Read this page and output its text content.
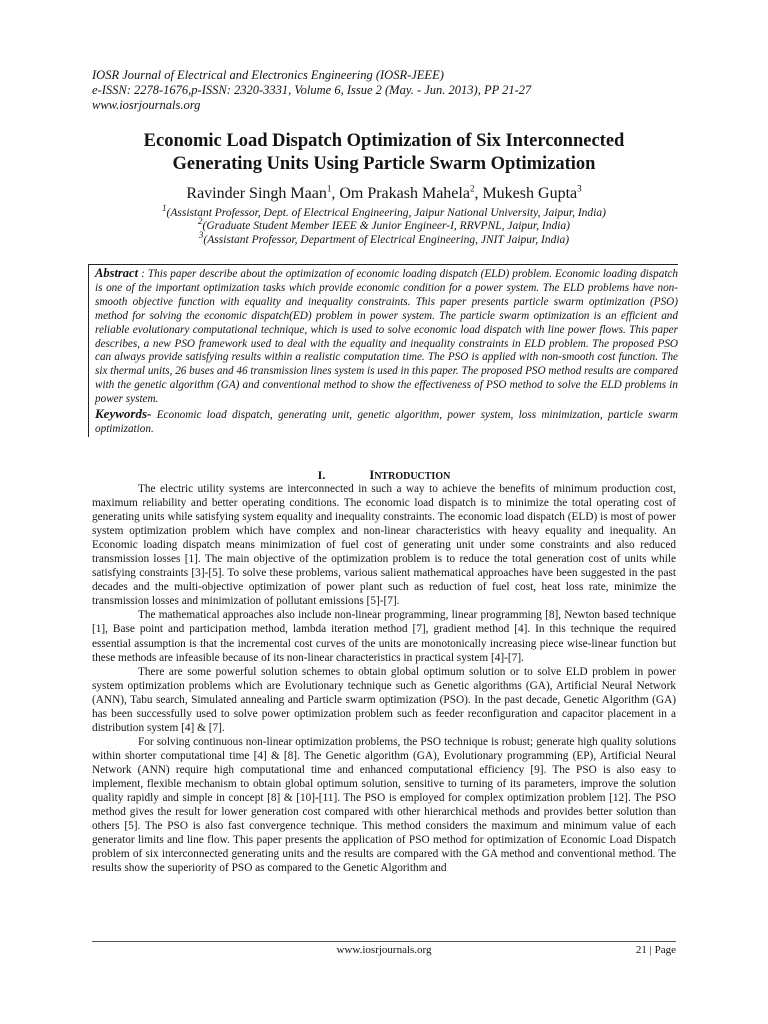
IOSR Journal of Electrical and Electronics Engineering (IOSR-JEEE)
e-ISSN: 2278-1676,p-ISSN: 2320-3331, Volume 6, Issue 2 (May. - Jun. 2013), PP 21-27
www.iosrjournals.org
Economic Load Dispatch Optimization of Six Interconnected
Generating Units Using Particle Swarm Optimization
Ravinder Singh Maan$^1$, Om Prakash Mahela$^2$, Mukesh Gupta$^3$
$^1$(Assistant Professor, Dept. of Electrical Engineering, Jaipur National University, Jaipur, India)
$^2$(Graduate Student Member IEEE & Junior Engineer-I, RRVPNL, Jaipur, India)
$^3$(Assistant Professor, Department of Electrical Engineering, JNIT Jaipur, India)

Abstract : This paper describe about the optimization of economic loading dispatch (ELD) problem. Economic loading dispatch is one of the important optimization tasks which provide economic condition for a power system. The ELD problems have non-smooth objective function with equality and inequality constraints. This paper presents particle swarm optimization (PSO) method for solving the economic dispatch(ED) problem in power system. The particle swarm optimization is an efficient and reliable evolutionary computational technique, which is used to solve economic load dispatch with line power flows. This paper describes, a new PSO framework used to deal with the equality and inequality constraints in ELD problem. The proposed PSO can always provide satisfying results within a realistic computation time. The PSO is applied with non-smooth cost function. The six thermal units, 26 buses and 46 transmission lines system is used in this paper. The proposed PSO method results are compared with the genetic algorithm (GA) and conventional method to show the effectiveness of PSO method to solve the ELD problems in power system.

Keywords- Economic load dispatch, generating unit, genetic algorithm, power system, loss minimization, particle swarm optimization.

I.	INTRODUCTION

The electric utility systems are interconnected in such a way to achieve the benefits of minimum production cost, maximum reliability and better operating conditions. The economic load dispatch is to minimize the total operating cost of generating units while satisfying system equality and inequality constraints. The economic load dispatch (ELD) is most of power system optimization problem which have complex and non-linear characteristics with heavy equality and inequality. An Economic loading dispatch means minimization of fuel cost of generating unit under some constraints and also reduced transmission losses [1]. The main objective of the optimization problem is to reduce the total generation cost of units while satisfying constraints [3]-[5]. To solve these problems, various salient mathematical approaches have been suggested in the past decades and the multi-objective optimization of power plant such as reduction of fuel cost, heat loss rate, minimize the transmission losses and minimization of pollutant emissions [5]-[7].

The mathematical approaches also include non-linear programming, linear programming [8], Newton based technique [1], Base point and participation method, lambda iteration method [7], gradient method [4]. In this technique the required essential assumption is that the incremental cost curves of the units are monotonically increasing piece wise-linear function but these methods are infeasible because of its non-linear characteristics in practical system [4]-[7].

There are some powerful solution schemes to obtain global optimum solution or to solve ELD problem in power system optimization problems which are Evolutionary technique such as Genetic algorithms (GA), Artificial Neural Network (ANN), Tabu search, Simulated annealing and Particle swarm optimization (PSO). In the past decade, Genetic Algorithm (GA) has been successfully used to solve power optimization problem such as feeder reconfiguration and capacitor placement in a distribution system [4] & [7].

For solving continuous non-linear optimization problems, the PSO technique is robust; generate high quality solutions within shorter computational time [4] & [8]. The Genetic algorithm (GA), Evolutionary programming (EP), Artificial Neural Network (ANN) require high computational time and enhanced computational efficiency [9]. The PSO is also easy to implement, flexible mechanism to obtain global optimum solution, sensitive to turning of its parameters, improve the solution quality rapidly and simple in concept [8] & [10]-[11]. The PSO is employed for complex optimization problem [12]. The PSO method gives the result for lower generation cost compared with other hierarchical methods and provides better solution than others [5]. The PSO is also fast convergence technique. This method considers the maximum and minimum value of each generator limits and line flow. This paper presents the application of PSO method for optimization of Economic Load Dispatch problem of six interconnected generating units and the results are compared with the GA method and conventional method. The results show the superiority of PSO as compared to the Genetic Algorithm and

www.iosrjournals.org	21 | Page
